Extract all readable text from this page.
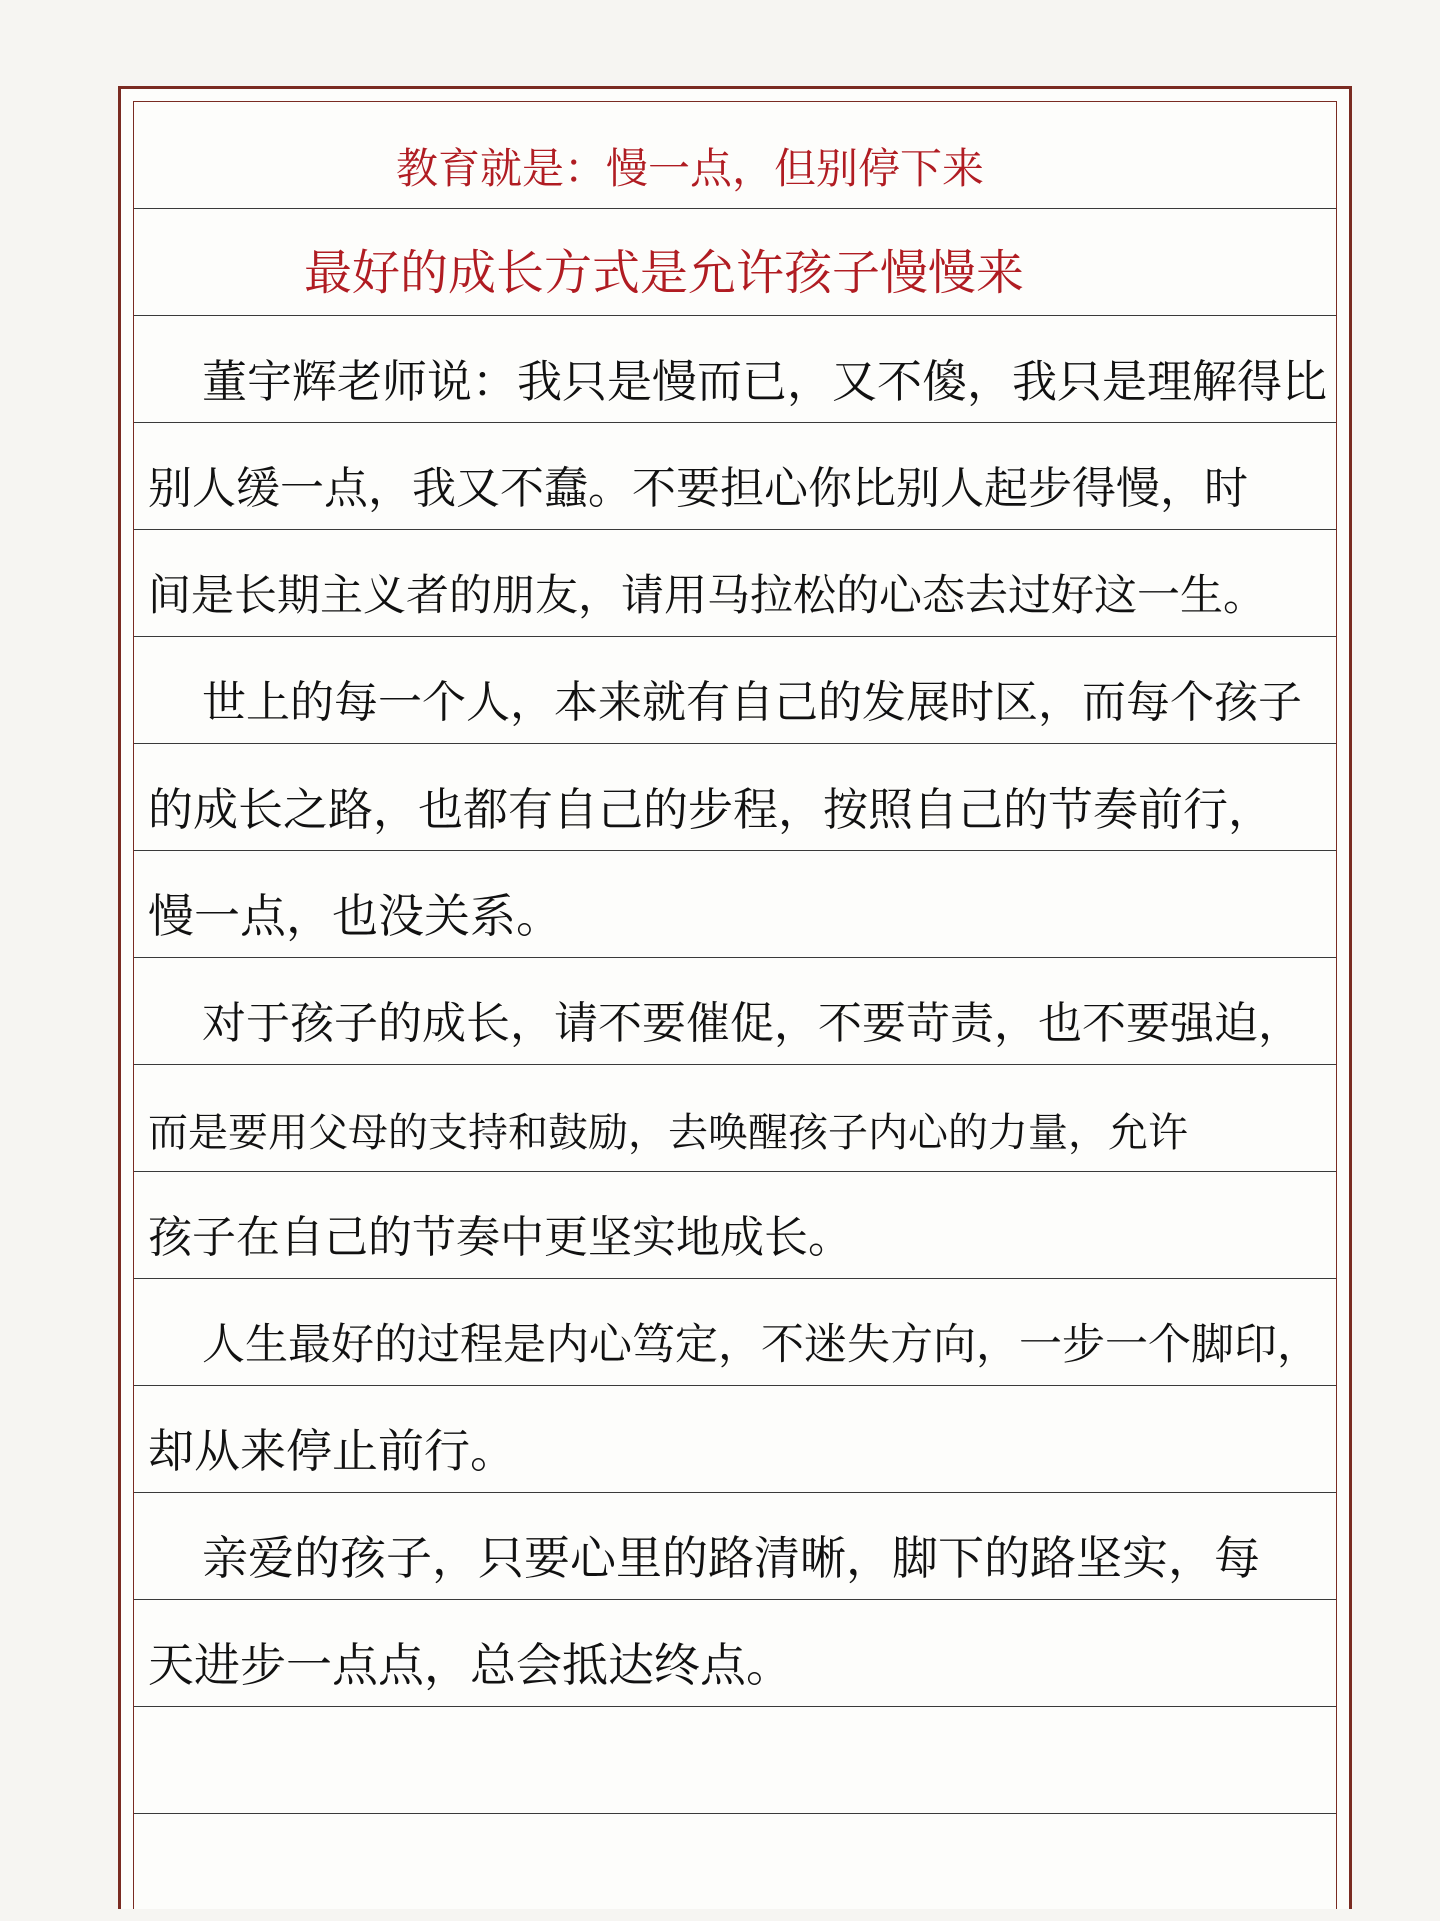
教育就是：慢一点，但别停下来
最好的成长方式是允许孩子慢慢来
董宇辉老师说：我只是慢而已，又不傻，我只是理解得比
别人缓一点，我又不蠢。不要担心你比别人起步得慢，时
间是长期主义者的朋友，请用马拉松的心态去过好这一生。
世上的每一个人，本来就有自己的发展时区，而每个孩子
的成长之路，也都有自己的步程，按照自己的节奏前行，
慢一点，也没关系。
对于孩子的成长，请不要催促，不要苛责，也不要强迫，
而是要用父母的支持和鼓励，去唤醒孩子内心的力量，允许
孩子在自己的节奏中更坚实地成长。
人生最好的过程是内心笃定，不迷失方向，一步一个脚印，
却从来停止前行。
亲爱的孩子，只要心里的路清晰，脚下的路坚实，每
天进步一点点，总会抵达终点。
